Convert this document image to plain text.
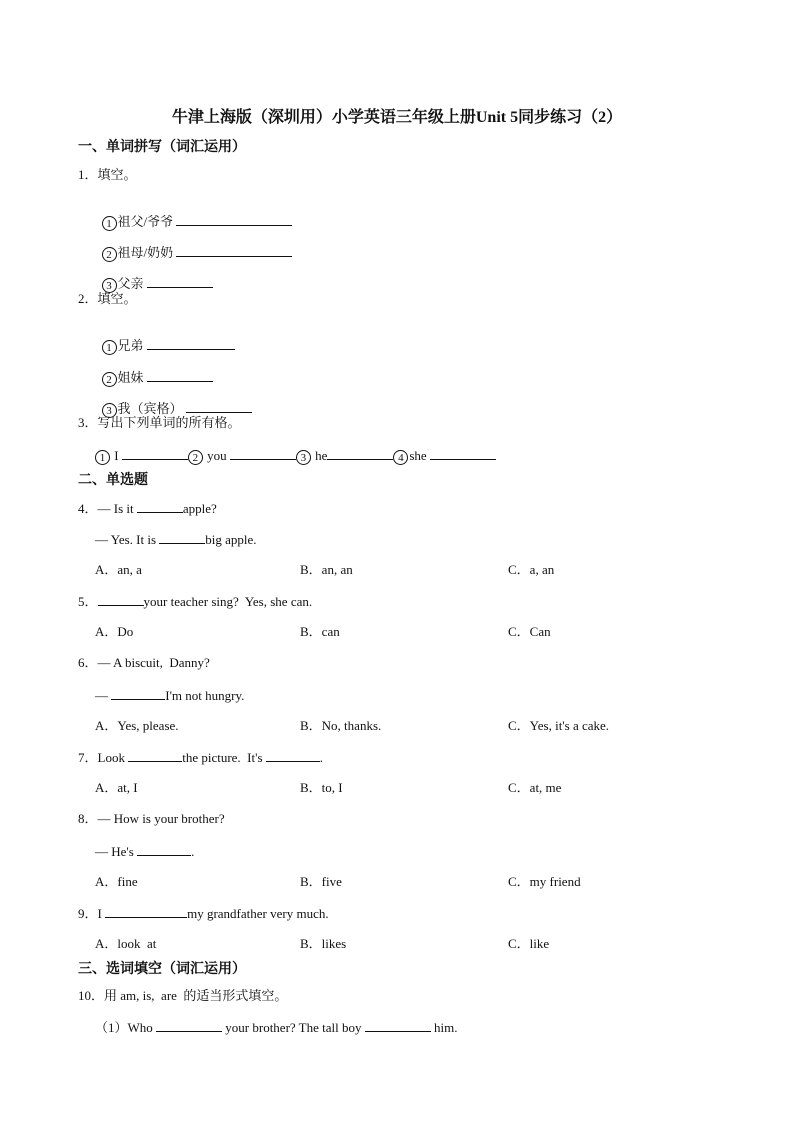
牛津上海版（深圳用）小学英语三年级上册Unit 5同步练习（2）
一、单词拼写（词汇运用）
1．填空。

1 祖父/爷爷

2 祖母/奶奶

3 父亲

2．填空。

1 兄弟

2 姐妹

3 我（宾格）

3．写出下列单词的所有格。
1 I	2 you	3 he	4 she
二、单选题
4．— Is it	apple?
— Yes. It is	big apple.
A．an, a	B．an, an	C．a, an
5．	your teacher sing?  Yes, she can.
A．Do	B．can	C．Can
6．— A biscuit,  Danny?
—	I'm not hungry.
A．Yes, please.	B．No, thanks.	C．Yes, it's a cake.
7．Look	the picture.  It's	.
A．at, I	B．to, I	C．at, me
8．— How is your brother?
— He's	.
A．fine	B．five	C．my friend
9．I	my grandfather very much.
A．look  at	B．likes	C．like
三、选词填空（词汇运用）
10．用 am, is,  are  的适当形式填空。
（1）Who	your brother? The tall boy	him.
